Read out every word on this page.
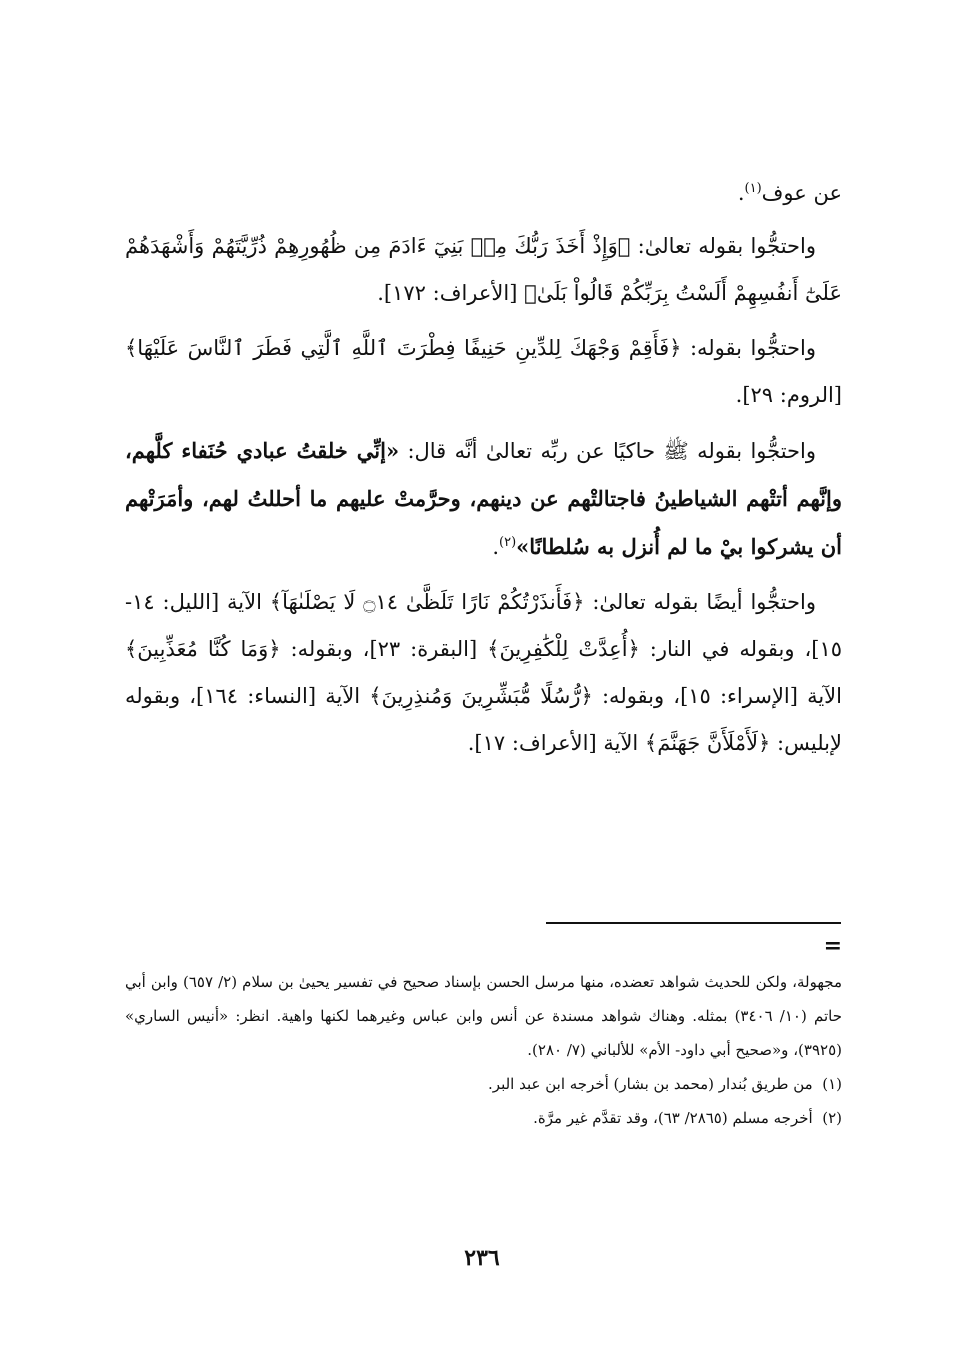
عن عوف$^{(١)}$.

واحتجُّوا بقوله تعالىٰ: ﴿وَإِذْ أَخَذَ رَبُّكَ مِنۢ بَنِيٓ ءَادَمَ مِن ظُهُورِهِمْ ذُرِّيَّتَهُمْ وَأَشْهَدَهُمْ عَلَىٰٓ أَنفُسِهِمْ أَلَسْتُ بِرَبِّكُمْ قَالُواْ بَلَىٰ﴾ [الأعراف: ١٧٢].

واحتجُّوا بقوله: ﴿فَأَقِمْ وَجْهَكَ لِلدِّينِ حَنِيفًا فِطْرَتَ ٱللَّهِ ٱلَّتِي فَطَرَ ٱلنَّاسَ عَلَيْهَا﴾ [الروم: ٢٩].

واحتجُّوا بقوله ﷺ حاكيًا عن ربِّه تعالىٰ أنَّه قال: «إنِّي خلقتُ عبادي حُنَفاء كلَّهم، وإنَّهم أتتْهم الشياطينُ فاجتالتْهم عن دينهم، وحرَّمتْ عليهم ما أحللتُ لهم، وأمَرَتْهم أن يشركوا بيْ ما لم أُنزل به سُلطانًا»$^{(٢)}$.

واحتجُّوا أيضًا بقوله تعالىٰ: ﴿فَأَنذَرْتُكُمْ نَارًا تَلَظَّىٰ ۝١٤ لَا يَصْلَىٰهَآ﴾ الآية [الليل: ١٤- ١٥]، وبقوله في النار: ﴿أُعِدَّتْ لِلْكَٰفِرِينَ﴾ [البقرة: ٢٣]، وبقوله: ﴿وَمَا كُنَّا مُعَذِّبِينَ﴾ الآية [الإسراء: ١٥]، وبقوله: ﴿رُّسُلًا مُّبَشِّرِينَ وَمُنذِرِينَ﴾ الآية [النساء: ١٦٤]، وبقوله لإبليس: ﴿لَأَمْلَأَنَّ جَهَنَّمَ﴾ الآية [الأعراف: ١٧].

=

مجهولة، ولكن للحديث شواهد تعضده، منها مرسل الحسن بإسناد صحيح في تفسير يحيىٰ بن سلام (٢/ ٦٥٧) وابن أبي حاتم (١٠/ ٣٤٠٦) بمثله. وهناك شواهد مسندة عن أنس وابن عباس وغيرهما لكنها واهية. انظر: «أنيس الساري» (٣٩٢٥)، و«صحيح أبي داود- الأم» للألباني (٧/ ٢٨٠).

(١)  من طريق بُندار (محمد بن بشار) أخرجه ابن عبد البر.

(٢)  أخرجه مسلم (٢٨٦٥/ ٦٣)، وقد تقدَّم غير مرَّة.

٢٣٦
